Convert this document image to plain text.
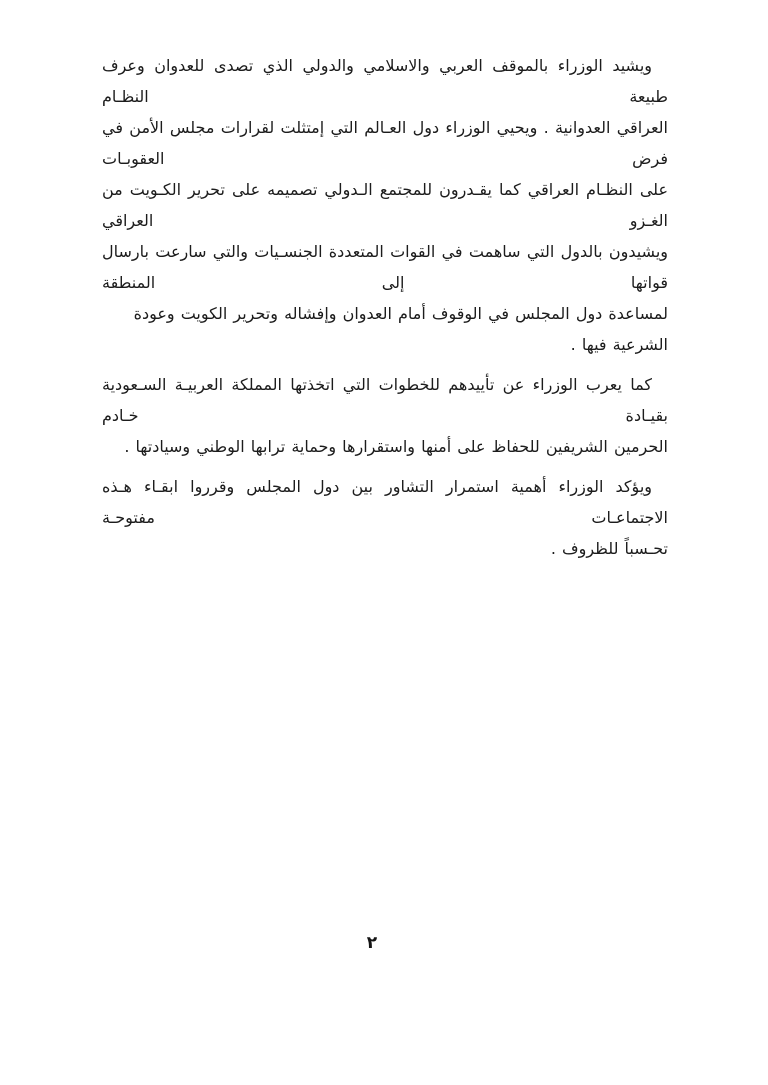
ويشيد الوزراء بالموقف العربي والاسلامي والدولي الذي تصدى للعدوان وعرف طبيعة النظـام
العراقي العدوانية . ويحيي الوزراء دول العـالم التي إمتثلت لقرارات مجلس الأمن في فرض العقوبـات
على النظـام العراقي كما يقـدرون للمجتمع الـدولي تصميمه على تحرير الكـويت من الغـزو العراقي
ويشيدون بالدول التي ساهمت في القوات المتعددة الجنسـيات والتي سارعت بارسال قواتها إلى المنطقة
لمساعدة دول المجلس في الوقوف أمام العدوان وإفشاله وتحرير الكويت وعودة الشرعية فيها .
كما يعرب الوزراء عن تأييدهم للخطوات التي اتخذتها المملكة العربيـة السـعودية بقيـادة خـادم
الحرمين الشريفين للحفاظ على أمنها واستقرارها وحماية ترابها الوطني وسيادتها .
ويؤكد الوزراء أهمية استمرار التشاور بين دول المجلس وقرروا ابقـاء هـذه الاجتماعـات مفتوحـة
تحـسباً للظروف .
٢
